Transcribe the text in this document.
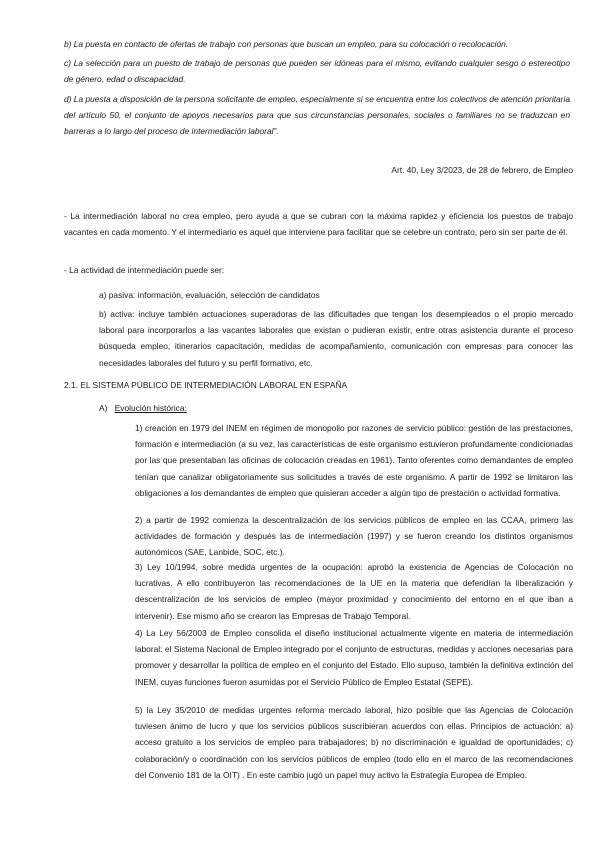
b) La puesta en contacto de ofertas de trabajo con personas que buscan un empleo, para su colocación o recolocación.

c) La selección para un puesto de trabajo de personas que pueden ser idóneas para el mismo, evitando cualquier sesgo o estereotipo de género, edad o discapacidad.

d) La puesta a disposición de la persona solicitante de empleo, especialmente si se encuentra entre los colectivos de atención prioritaria del artículo 50, el conjunto de apoyos necesarios para que sus circunstancias personales, sociales o familiares no se traduzcan en barreras a lo largo del proceso de intermediación laboral”.

Art. 40, Ley 3/2023, de 28 de febrero, de Empleo

- La intermediación laboral no crea empleo, pero ayuda a que se cubran con la máxima rapidez y eficiencia los puestos de trabajo vacantes en cada momento. Y el intermediario es aquel que interviene para facilitar que se celebre un contrato, pero sin ser parte de él.

- La actividad de intermediación puede ser:

a) pasiva: información, evaluación, selección de candidatos

b) activa: incluye también actuaciones superadoras de las dificultades que tengan los desempleados o el propio mercado laboral para incorporarlos a las vacantes laborales que existan o pudieran existir, entre otras asistencia durante el proceso búsqueda empleo, itinerarios capacitación, medidas de acompañamiento, comunicación con empresas para conocer las necesidades laborales del futuro y su perfil formativo, etc.

2.1. EL SISTEMA PÚBLICO DE INTERMEDIACIÓN LABORAL EN ESPAÑA

A) Evolución histórica:

1) creación en 1979 del INEM en régimen de monopolio por razones de servicio público: gestión de las prestaciones, formación e intermediación (a su vez, las características de este organismo estuvieron profundamente condicionadas por las que presentaban las oficinas de colocación creadas en 1961). Tanto oferentes como demandantes de empleo tenían que canalizar obligatoriamente sus solicitudes a través de este organismo. A partir de 1992 se limitaron las obligaciones a los demandantes de empleo que quisieran acceder a algún tipo de prestación o actividad formativa.

2) a partir de 1992 comienza la descentralización de los servicios públicos de empleo en las CCAA, primero las actividades de formación y después las de intermediación (1997) y se fueron creando los distintos organismos autonómicos (SAE, Lanbide, SOC, etc.).

3) Ley 10/1994, sobre medida urgentes de la ocupación: aprobó la existencia de Agencias de Colocación no lucrativas. A ello contribuyeron las recomendaciones de la UE en la materia que defendían la liberalización y descentralización de los servicios de empleo (mayor proximidad y conocimiento del entorno en el que iban a intervenir). Ese mismo año se crearon las Empresas de Trabajo Temporal.

4) La Ley 56/2003 de Empleo consolida el diseño institucional actualmente vigente en materia de intermediación laboral: el Sistema Nacional de Empleo integrado por el conjunto de estructuras, medidas y acciones necesarias para promover y desarrollar la política de empleo en el conjunto del Estado. Ello supuso, también la definitiva extinción del INEM, cuyas funciones fueron asumidas por el Servicio Público de Empleo Estatal (SEPE).

5) la Ley 35/2010 de medidas urgentes reforma mercado laboral, hizo posible que las Agencias de Colocación tuviesen ánimo de lucro y que los servicios públicos suscribieran acuerdos con ellas. Principios de actuación: a) acceso gratuito a los servicios de empleo para trabajadores; b) no discriminación e igualdad de oportunidades; c) colaboración/y o coordinación con los servicios públicos de empleo (todo ello en el marco de las recomendaciones del Convenio 181 de la OIT) . En este cambio jugó un papel muy activo la Estrategia Europea de Empleo.
